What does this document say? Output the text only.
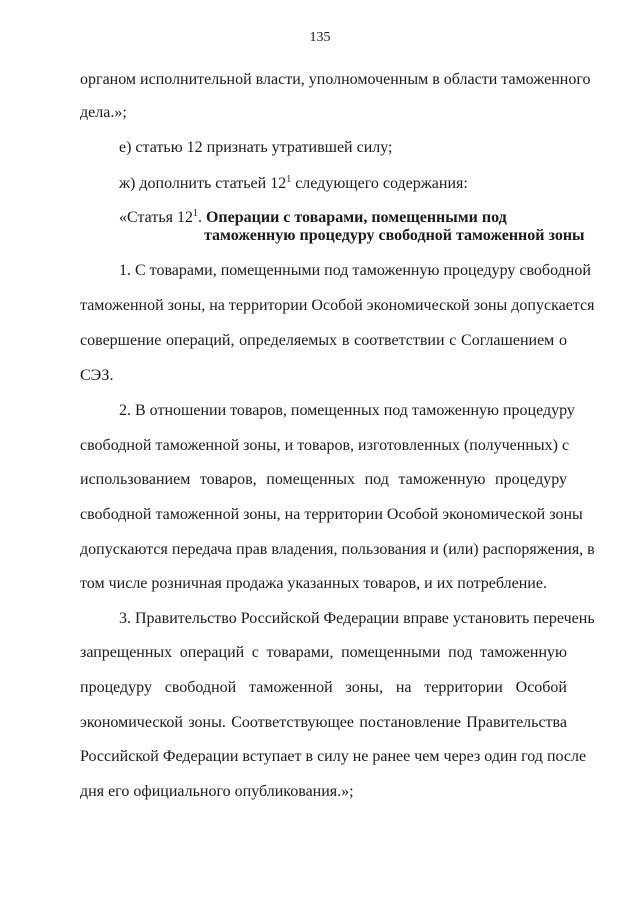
135
органом исполнительной власти, уполномоченным в области таможенного
дела.»;
е) статью 12 признать утратившей силу;
ж) дополнить статьей $12^1$ следующего содержания:
«Статья $12^1$. Операции с товарами, помещенными под
таможенную процедуру свободной таможенной зоны
1. С товарами, помещенными под таможенную процедуру свободной
таможенной зоны, на территории Особой экономической зоны допускается
совершение операций, определяемых в соответствии с Соглашением о
СЭЗ.
2. В отношении товаров, помещенных под таможенную процедуру
свободной таможенной зоны, и товаров, изготовленных (полученных) с
использованием товаров, помещенных под таможенную процедуру
свободной таможенной зоны, на территории Особой экономической зоны
допускаются передача прав владения, пользования и (или) распоряжения, в
том числе розничная продажа указанных товаров, и их потребление.
3. Правительство Российской Федерации вправе установить перечень
запрещенных операций с товарами, помещенными под таможенную
процедуру свободной таможенной зоны, на территории Особой
экономической зоны. Соответствующее постановление Правительства
Российской Федерации вступает в силу не ранее чем через один год после
дня его официального опубликования.»;
